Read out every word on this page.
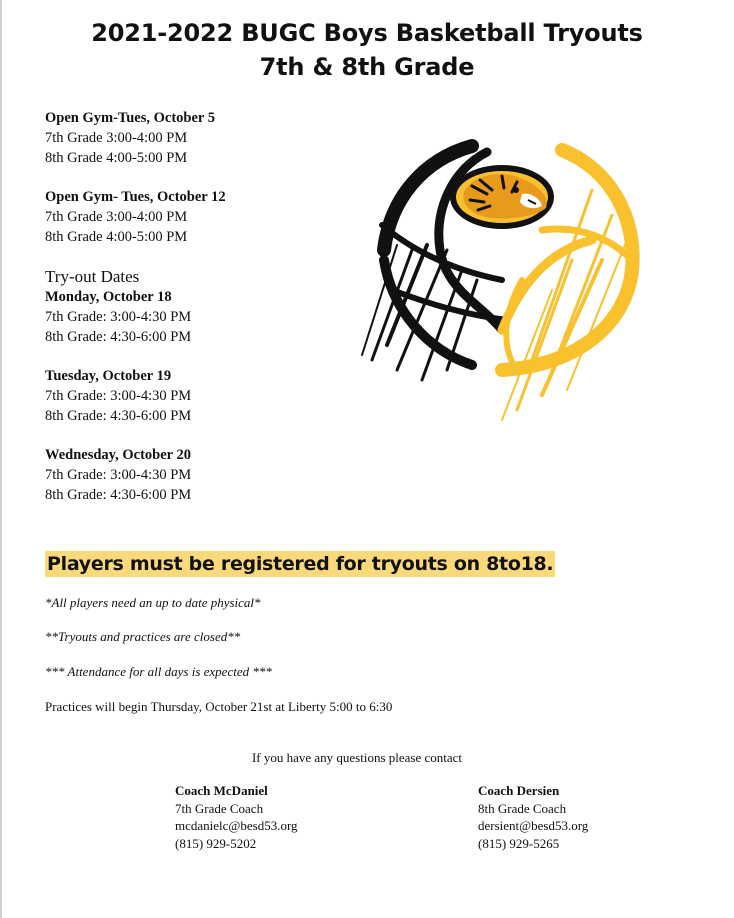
2021-2022 BUGC Boys Basketball Tryouts
7th & 8th Grade
Open Gym-Tues, October 5
7th Grade 3:00-4:00 PM
8th Grade 4:00-5:00 PM
Open Gym- Tues, October 12
7th Grade 3:00-4:00 PM
8th Grade 4:00-5:00 PM
Try-out Dates
Monday, October 18
7th Grade: 3:00-4:30 PM
8th Grade: 4:30-6:00 PM
Tuesday, October 19
7th Grade: 3:00-4:30 PM
8th Grade: 4:30-6:00 PM
Wednesday, October 20
7th Grade: 3:00-4:30 PM
8th Grade: 4:30-6:00 PM
Players must be registered for tryouts on 8to18.
*All players need an up to date physical*
**Tryouts and practices are closed**
*** Attendance for all days is expected ***
Practices will begin Thursday, October 21st at Liberty 5:00 to 6:30
If you have any questions please contact
Coach McDaniel
7th Grade Coach
mcdanielc@besd53.org
(815) 929-5202
Coach Dersien
8th Grade Coach
dersient@besd53.org
(815) 929-5265
